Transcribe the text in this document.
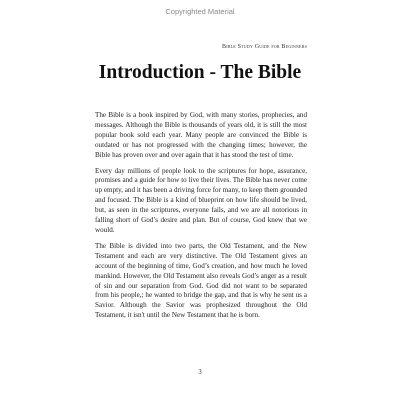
Copyrighted Material
Bible Study Guide for Beginners
Introduction - The Bible

The Bible is a book inspired by God, with many stories, prophecies, and messages. Although the Bible is thousands of years old, it is still the most popular book sold each year. Many people are convinced the Bible is outdated or has not progressed with the changing times; however, the Bible has proven over and over again that it has stood the test of time.

Every day millions of people look to the scriptures for hope, assurance, promises and a guide for how to live their lives. The Bible has never come up empty, and it has been a driving force for many, to keep them grounded and focused. The Bible is a kind of blueprint on how life should be lived, but, as seen in the scriptures, everyone fails, and we are all notorious in falling short of God’s desire and plan. But of course, God knew that we would.

The Bible is divided into two parts, the Old Testament, and the New Testament and each are very distinctive. The Old Testament gives an account of the beginning of time, God’s creation, and how much he loved mankind. However, the Old Testament also reveals God’s anger as a result of sin and our separation from God. God did not want to be separated from his people,; he wanted to bridge the gap, and that is why he sent us a Savior. Although the Savior was prophesized throughout the Old Testament, it isn't until the New Testament that he is born.

3
